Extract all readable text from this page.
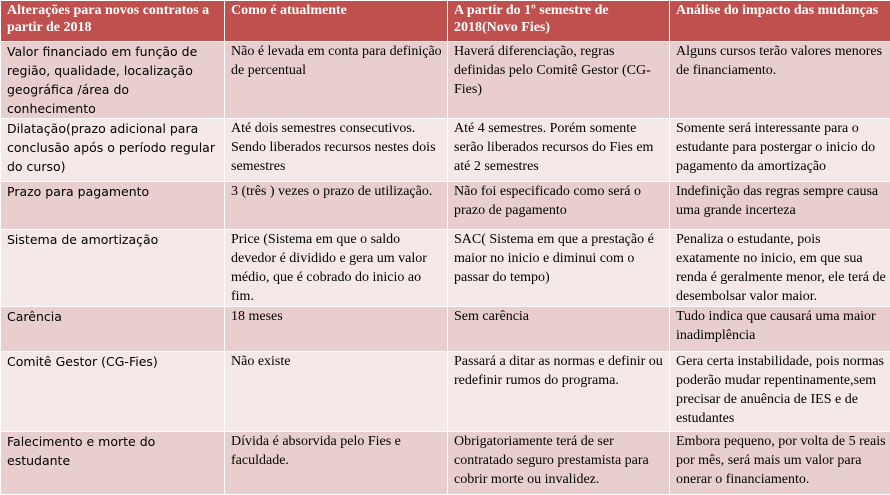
Alterações para novos contratos a partir de 2018	Como é atualmente	A partir do 1º semestre de 2018(Novo Fies)	Análise do impacto das mudanças
Valor financiado em função de região, qualidade, localização geográfica /área do conhecimento	Não é levada em conta para definição de percentual	Haverá diferenciação, regras definidas pelo Comitê Gestor (CG-Fies)	Alguns cursos terão valores menores de financiamento.
Dilatação(prazo adicional para conclusão após o período regular do curso)	Até dois semestres consecutivos. Sendo liberados recursos nestes dois semestres	Até 4 semestres. Porém somente serão liberados recursos do Fies em até 2 semestres	Somente será interessante para o estudante para postergar o inicio do pagamento da amortização
Prazo para pagamento	3 (três ) vezes o prazo de utilização.	Não foi especificado como será o prazo de pagamento	Indefinição das regras sempre causa uma grande incerteza
Sistema de amortização	Price (Sistema em que o saldo devedor é dividido e gera um valor médio, que é cobrado do inicio ao fim.	SAC( Sistema em que a prestação é maior no inicio e diminui com o passar do tempo)	Penaliza o estudante, pois exatamente no inicio, em que sua renda é geralmente menor, ele terá de desembolsar valor maior.
Carência	18 meses	Sem carência	Tudo indica que causará uma maior inadimplência
Comitê Gestor (CG-Fies)	Não existe	Passará a ditar as normas e definir ou redefinir rumos do programa.	Gera certa instabilidade, pois normas poderão mudar repentinamente,sem precisar de anuência de IES e de estudantes
Falecimento e morte do estudante	Dívida é absorvida pelo Fies e faculdade.	Obrigatoriamente terá de ser contratado seguro prestamista para cobrir morte ou invalidez.	Embora pequeno, por volta de 5 reais por mês, será mais um valor para onerar o financiamento.
